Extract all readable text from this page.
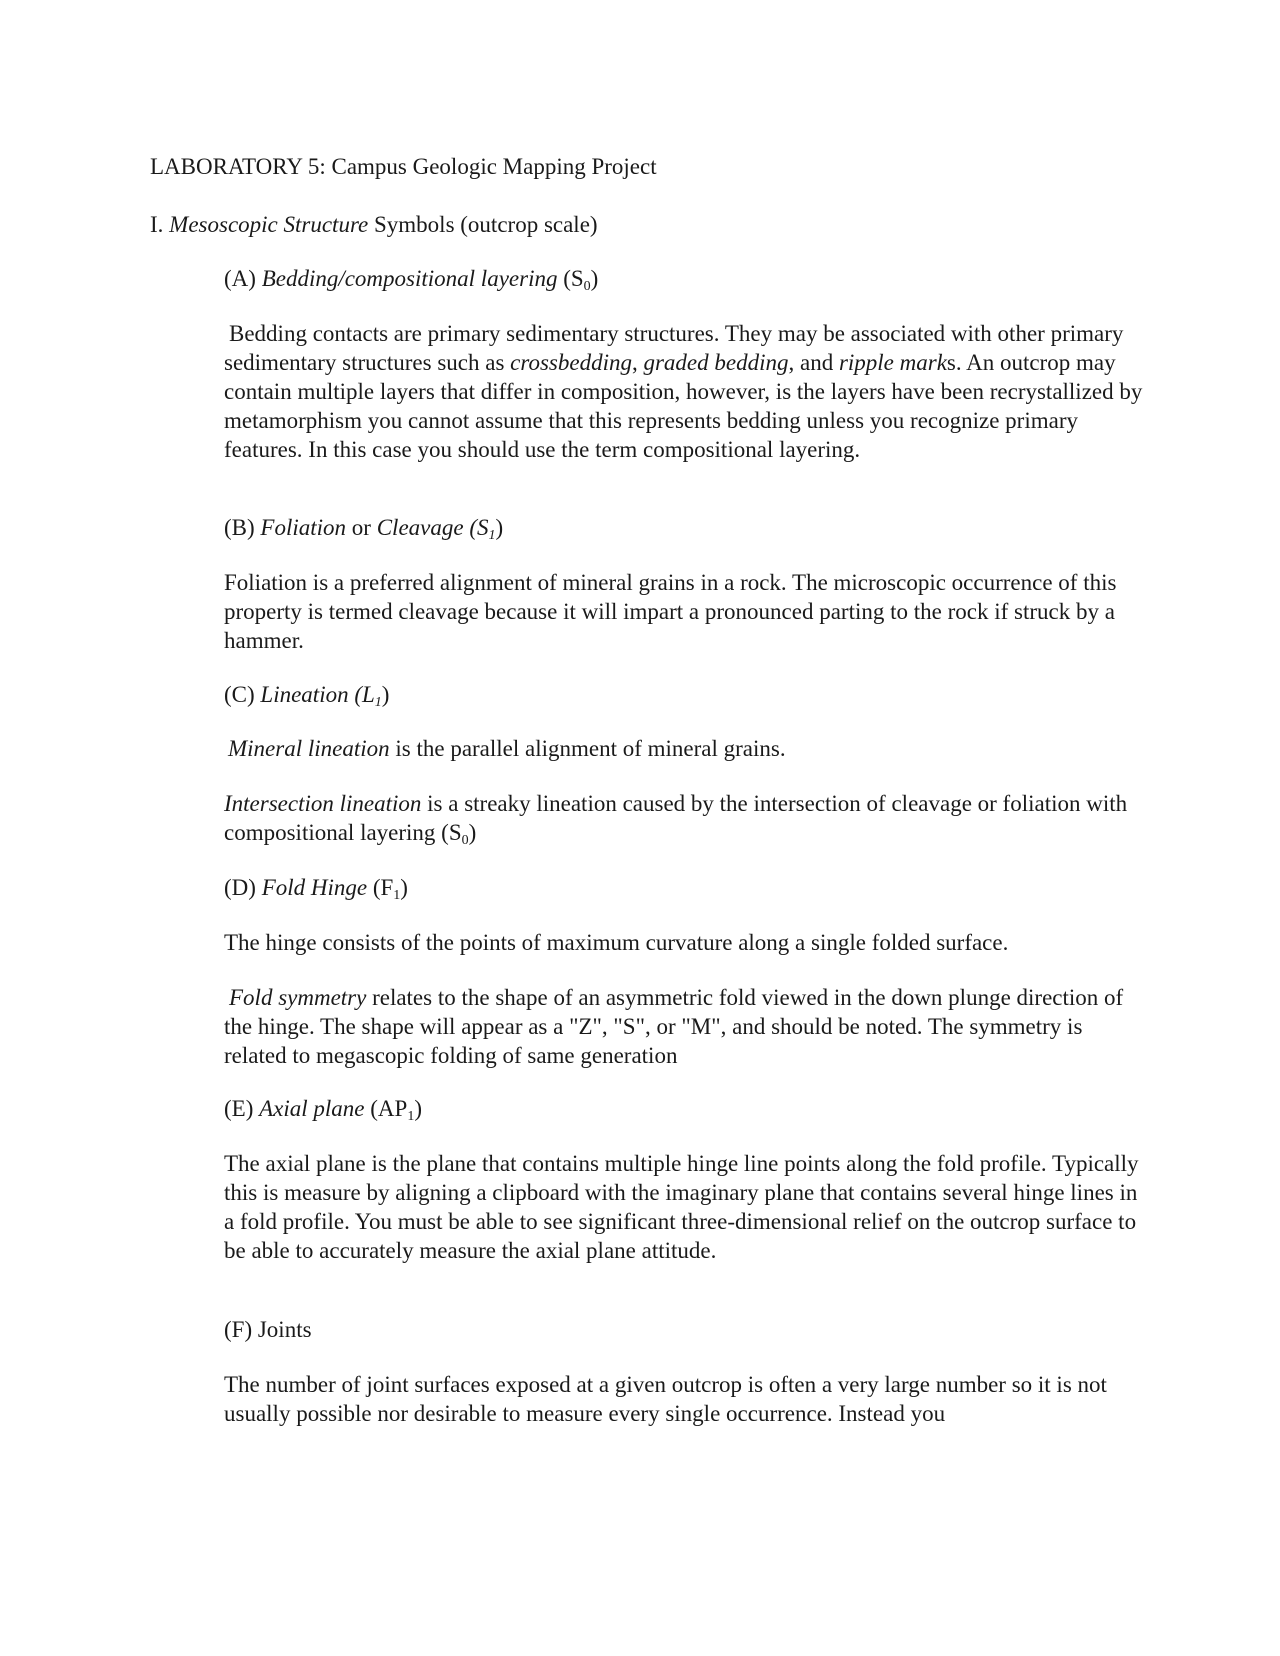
LABORATORY 5: Campus Geologic Mapping Project
I. Mesoscopic Structure Symbols (outcrop scale)
(A) Bedding/compositional layering $(S_0)$

Bedding contacts are primary sedimentary structures. They may be associated with other primary sedimentary structures such as crossbedding, graded bedding, and ripple marks. An outcrop may contain multiple layers that differ in composition, however, is the layers have been recrystallized by metamorphism you cannot assume that this represents bedding unless you recognize primary features. In this case you should use the term compositional layering.

(B) Foliation or Cleavage $(S_1)$

Foliation is a preferred alignment of mineral grains in a rock. The microscopic occurrence of this property is termed cleavage because it will impart a pronounced parting to the rock if struck by a hammer.

(C) Lineation $(L_1)$

Mineral lineation is the parallel alignment of mineral grains.

Intersection lineation is a streaky lineation caused by the intersection of cleavage or foliation with compositional layering $(S_0)$

(D) Fold Hinge $(F_1)$

The hinge consists of the points of maximum curvature along a single folded surface.

Fold symmetry relates to the shape of an asymmetric fold viewed in the down plunge direction of the hinge. The shape will appear as a "Z", "S", or "M", and should be noted. The symmetry is related to megascopic folding of same generation

(E) Axial plane $(AP_1)$

The axial plane is the plane that contains multiple hinge line points along the fold profile. Typically this is measure by aligning a clipboard with the imaginary plane that contains several hinge lines in a fold profile. You must be able to see significant three-dimensional relief on the outcrop surface to be able to accurately measure the axial plane attitude.

(F) Joints

The number of joint surfaces exposed at a given outcrop is often a very large number so it is not usually possible nor desirable to measure every single occurrence. Instead you
